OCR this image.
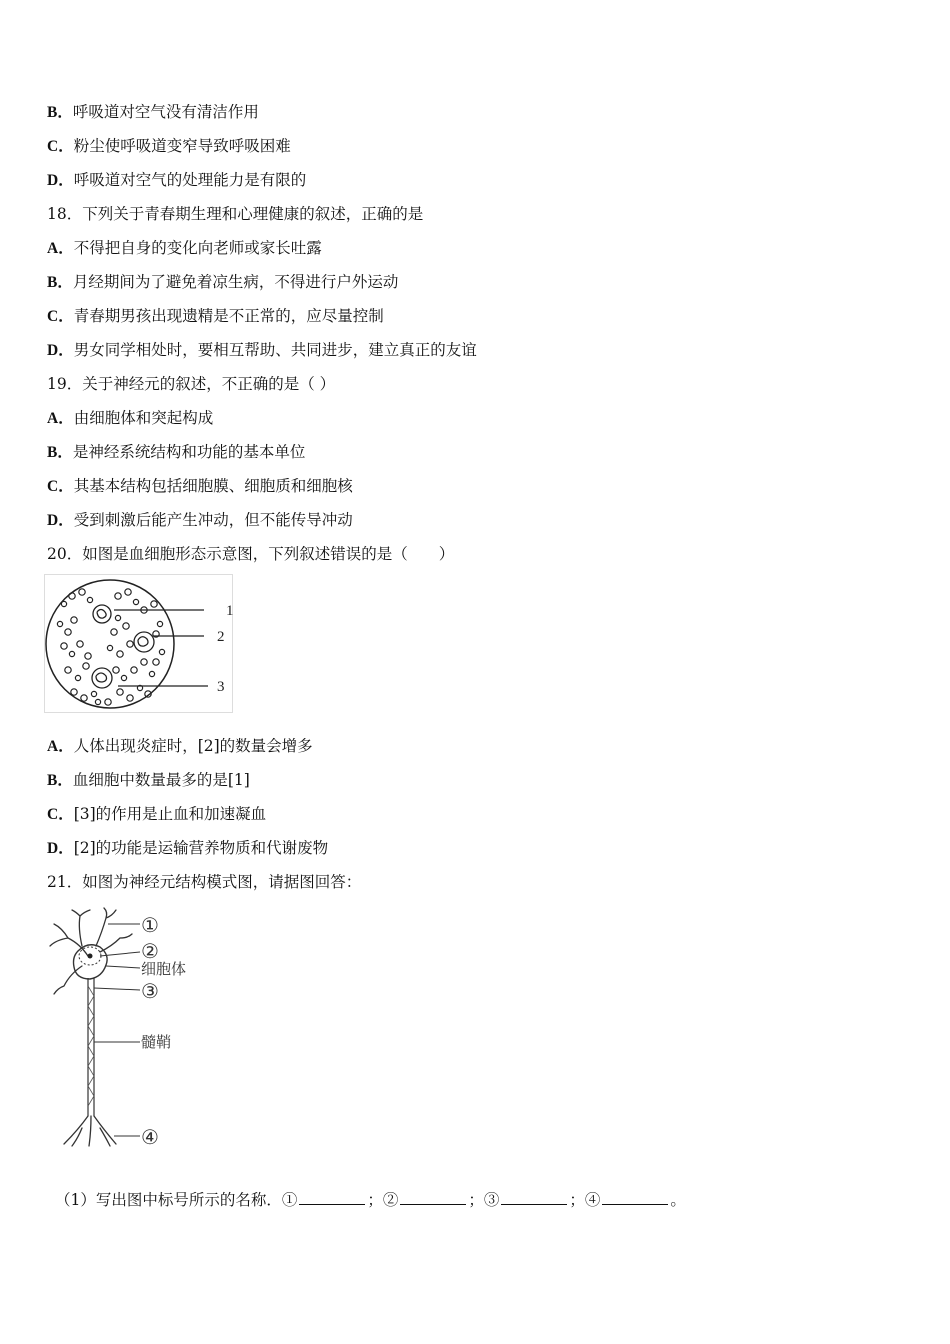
B．呼吸道对空气没有清洁作用
C．粉尘使呼吸道变窄导致呼吸困难
D．呼吸道对空气的处理能力是有限的
18．下列关于青春期生理和心理健康的叙述，正确的是
A．不得把自身的变化向老师或家长吐露
B．月经期间为了避免着凉生病，不得进行户外运动
C．青春期男孩出现遗精是不正常的，应尽量控制
D．男女同学相处时，要相互帮助、共同进步，建立真正的友谊
19．关于神经元的叙述，不正确的是（ ）
A．由细胞体和突起构成
B．是神经系统结构和功能的基本单位
C．其基本结构包括细胞膜、细胞质和细胞核
D．受到刺激后能产生冲动，但不能传导冲动
20．如图是血细胞形态示意图，下列叙述错误的是（　　）
1
2
3
A．人体出现炎症时，[2]的数量会增多
B．血细胞中数量最多的是[1]
C．[3]的作用是止血和加速凝血
D．[2]的功能是运输营养物质和代谢废物
21．如图为神经元结构模式图，请据图回答：
①
②
细胞体
③
髓鞘
④
（1）写出图中标号所示的名称．①	；②	；③	；④	。
